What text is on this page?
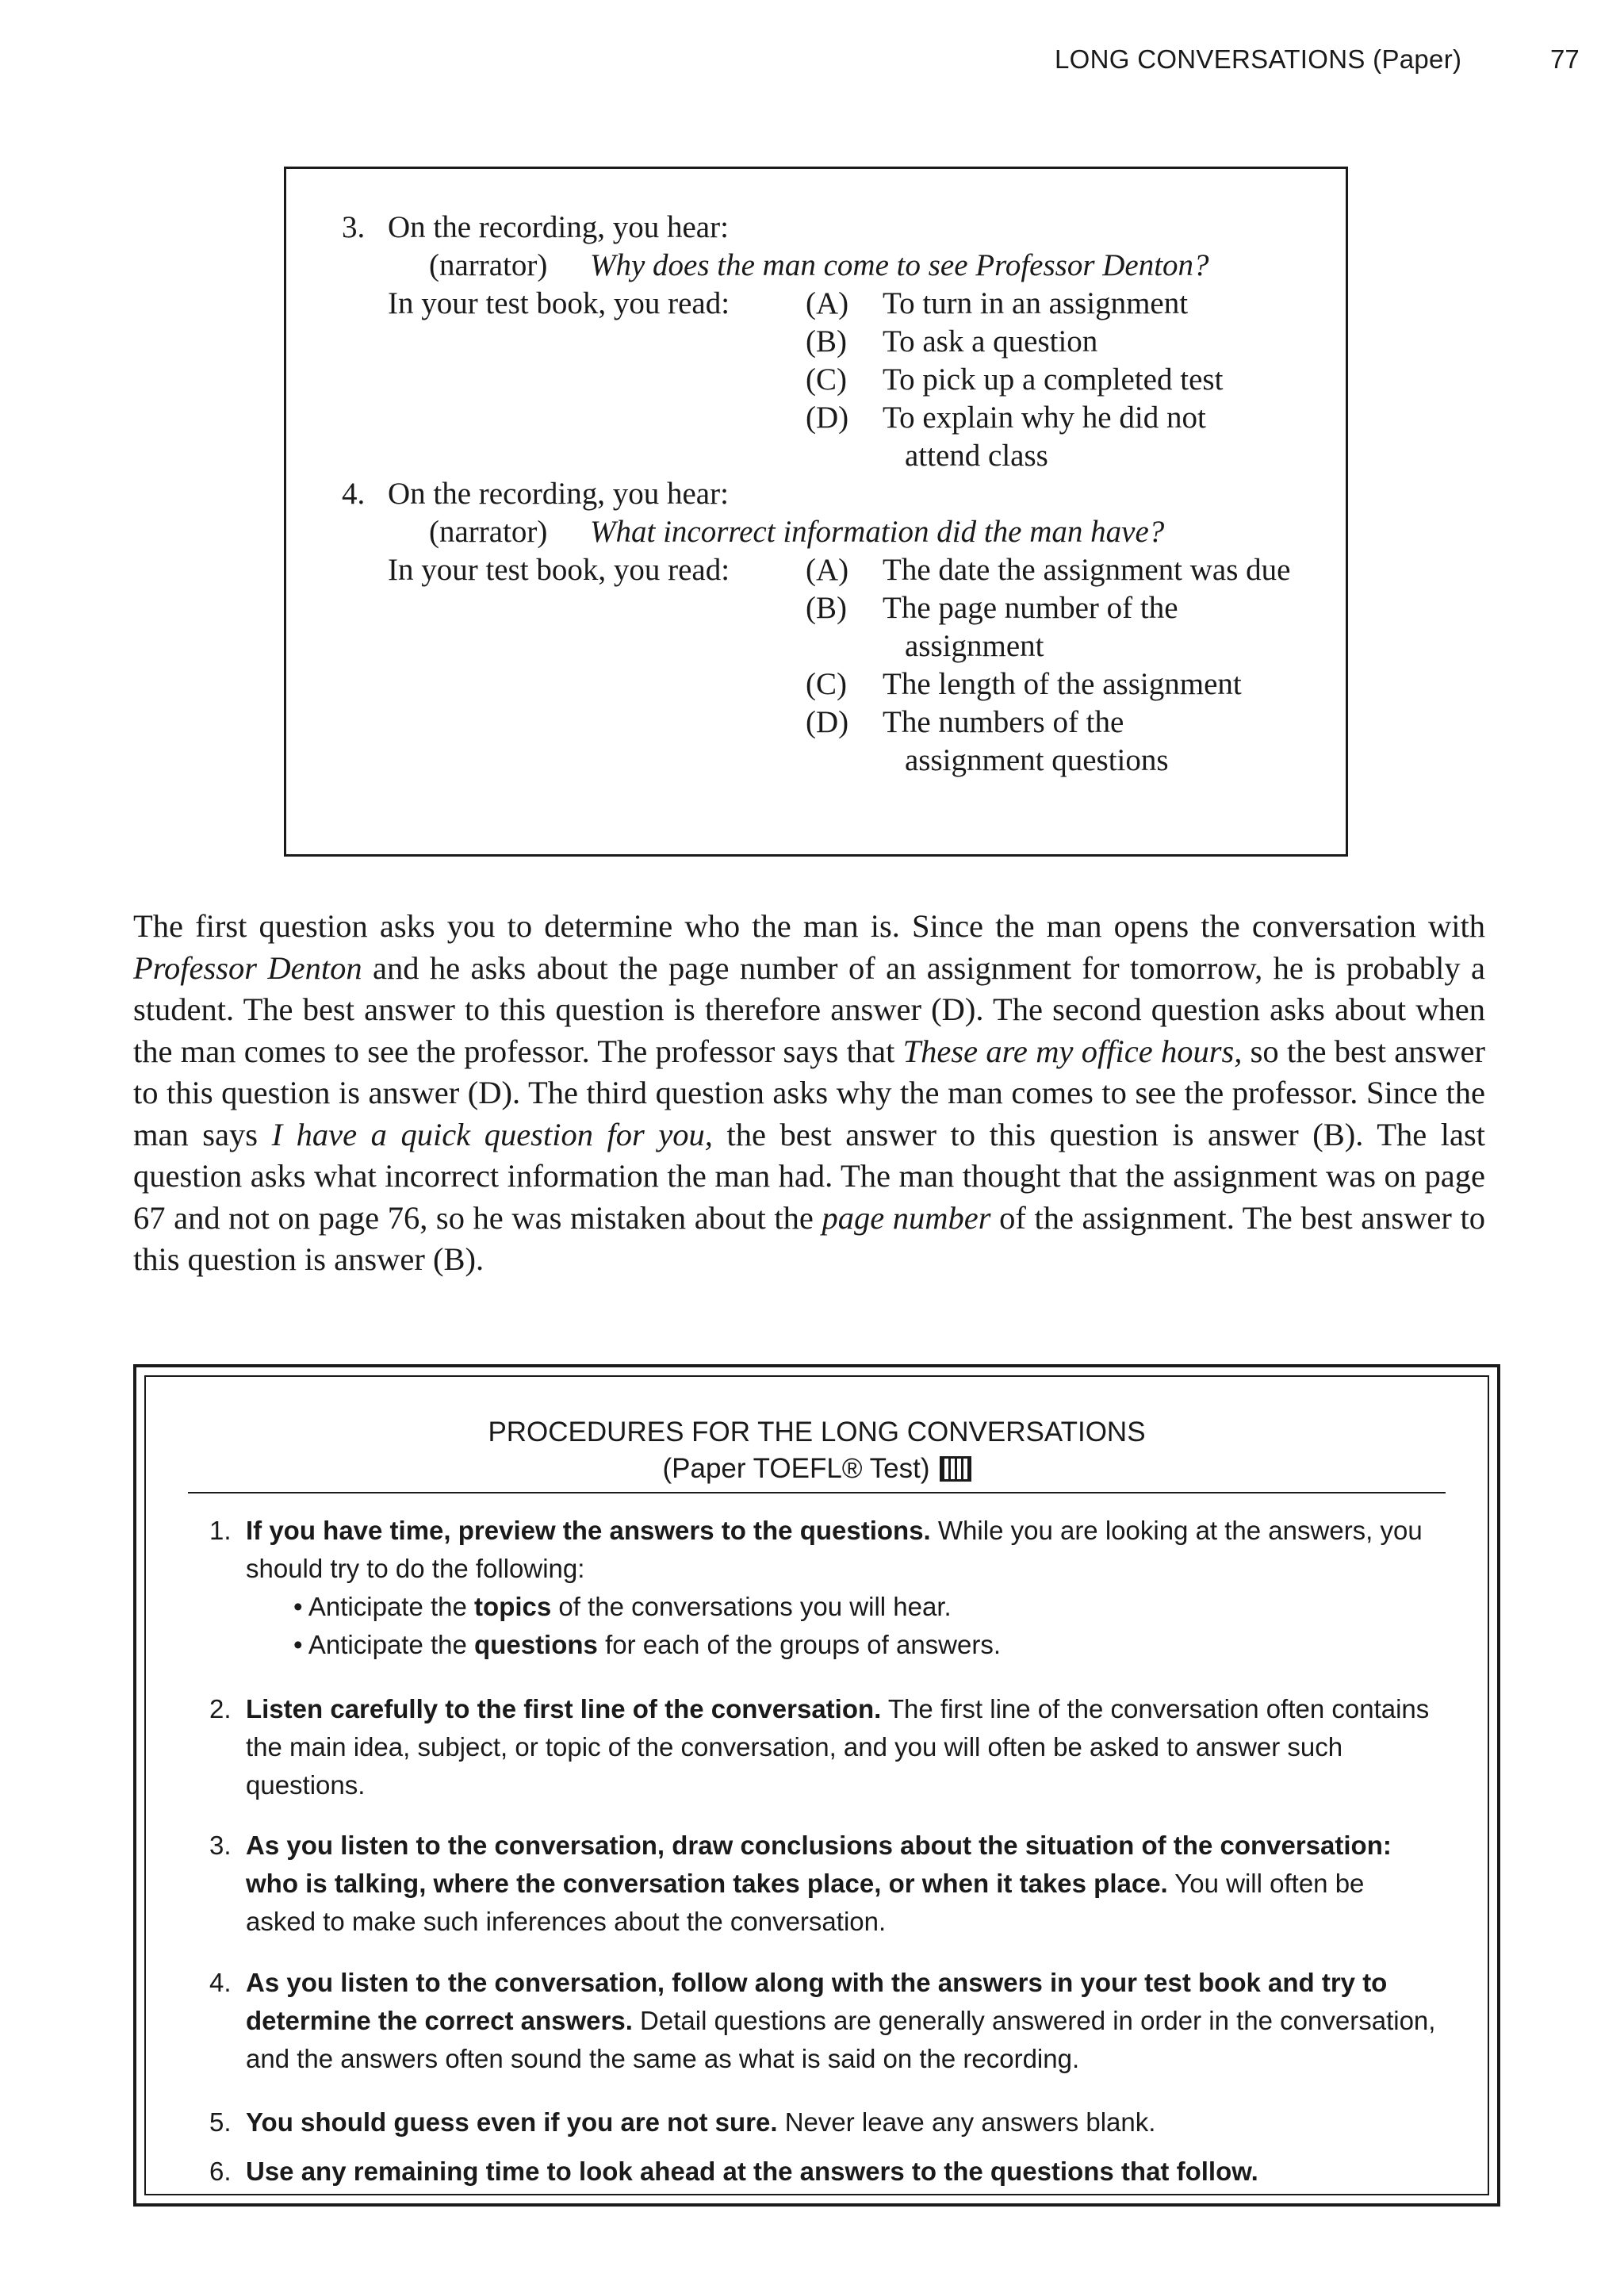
LONG CONVERSATIONS (Paper)	77
3. On the recording, you hear:
(narrator) Why does the man come to see Professor Denton?
In your test book, you read: (A) To turn in an assignment
(B) To ask a question
(C) To pick up a completed test
(D) To explain why he did not
attend class
4. On the recording, you hear:
(narrator) What incorrect information did the man have?
In your test book, you read: (A) The date the assignment was due
(B) The page number of the
assignment
(C) The length of the assignment
(D) The numbers of the
assignment questions

The first question asks you to determine who the man is. Since the man opens the conversation with Professor Denton and he asks about the page number of an assignment for tomorrow, he is probably a student. The best answer to this question is therefore answer (D). The second question asks about when the man comes to see the professor. The professor says that These are my office hours, so the best answer to this question is answer (D). The third question asks why the man comes to see the professor. Since the man says I have a quick question for you, the best answer to this question is answer (B). The last question asks what incorrect information the man had. The man thought that the assignment was on page 67 and not on page 76, so he was mistaken about the page number of the assignment. The best answer to this question is answer (B).

PROCEDURES FOR THE LONG CONVERSATIONS
(Paper TOEFL® Test)
1. If you have time, preview the answers to the questions. While you are looking at the answers, you should try to do the following:
• Anticipate the topics of the conversations you will hear.
• Anticipate the questions for each of the groups of answers.
2. Listen carefully to the first line of the conversation. The first line of the conversation often contains the main idea, subject, or topic of the conversation, and you will often be asked to answer such questions.
3. As you listen to the conversation, draw conclusions about the situation of the conversation: who is talking, where the conversation takes place, or when it takes place. You will often be asked to make such inferences about the conversation.
4. As you listen to the conversation, follow along with the answers in your test book and try to determine the correct answers. Detail questions are generally answered in order in the conversation, and the answers often sound the same as what is said on the recording.
5. You should guess even if you are not sure. Never leave any answers blank.
6. Use any remaining time to look ahead at the answers to the questions that follow.
